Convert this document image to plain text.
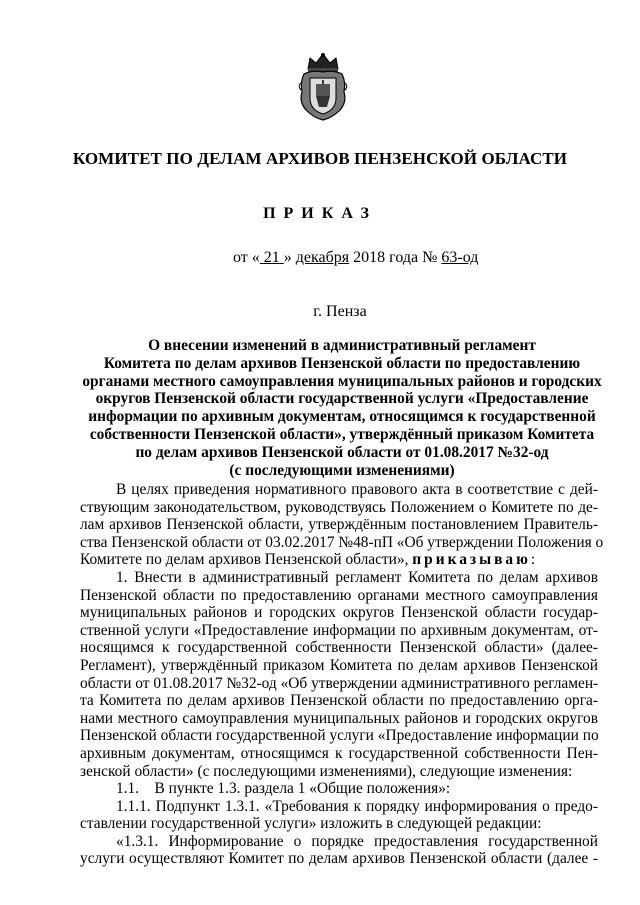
КОМИТЕТ ПО ДЕЛАМ АРХИВОВ ПЕНЗЕНСКОЙ ОБЛАСТИ
ПРИКАЗ
от « 21 » декабря 2018 года № 63-од
г. Пенза
О внесении изменений в административный регламент
Комитета по делам архивов Пензенской области по предоставлению
органами местного самоуправления муниципальных районов и городских
округов Пензенской области государственной услуги «Предоставление
информации по архивным документам, относящимся к государственной
собственности Пензенской области», утверждённый приказом Комитета
по делам архивов Пензенской области от 01.08.2017 №32-од
(с последующими изменениями)
В целях приведения нормативного правового акта в соответствие с дей-
ствующим законодательством, руководствуясь Положением о Комитете по де-
лам архивов Пензенской области, утверждённым постановлением Правитель-
ства Пензенской области от 03.02.2017 №48-пП «Об утверждении Положения о
Комитете по делам архивов Пензенской области», приказываю:
1. Внести в административный регламент Комитета по делам архивов
Пензенской области по предоставлению органами местного самоуправления
муниципальных районов и городских округов Пензенской области государ-
ственной услуги «Предоставление информации по архивным документам, от-
носящимся к государственной собственности Пензенской области» (далее-
Регламент), утверждённый приказом Комитета по делам архивов Пензенской
области от 01.08.2017 №32-од «Об утверждении административного регламен-
та Комитета по делам архивов Пензенской области по предоставлению орга-
нами местного самоуправления муниципальных районов и городских округов
Пензенской области государственной услуги «Предоставление информации по
архивным документам, относящимся к государственной собственности Пен-
зенской области» (с последующими изменениями), следующие изменения:
1.1.    В пункте 1.3. раздела 1 «Общие положения»:
1.1.1. Подпункт 1.3.1. «Требования к порядку информирования о предо-
ставлении государственной услуги» изложить в следующей редакции:
«1.3.1. Информирование о порядке предоставления государственной
услуги осуществляют Комитет по делам архивов Пензенской области (далее -
